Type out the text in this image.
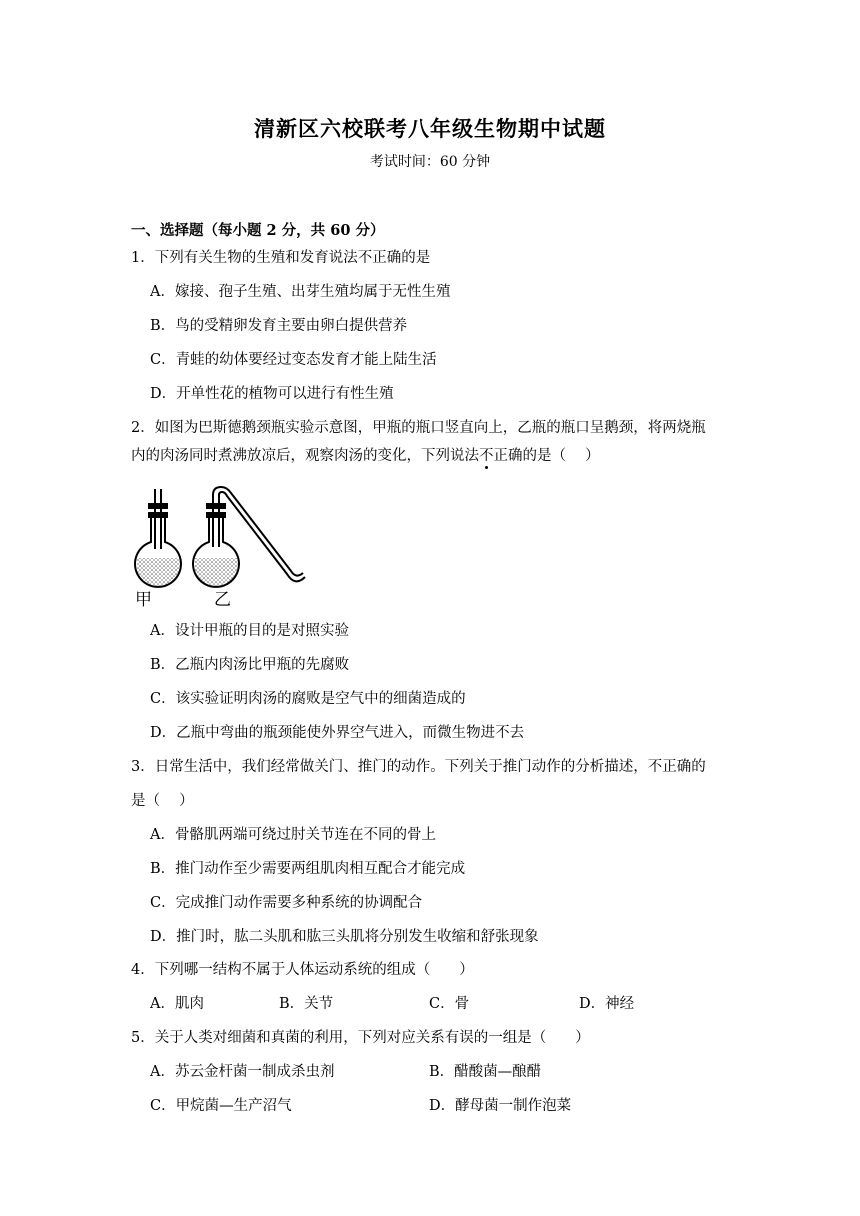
清新区六校联考八年级生物期中试题
考试时间：60 分钟
一、选择题（每小题 2 分，共 60 分）
1．下列有关生物的生殖和发育说法不正确的是
A．嫁接、孢子生殖、出芽生殖均属于无性生殖
B．鸟的受精卵发育主要由卵白提供营养
C．青蛙的幼体要经过变态发育才能上陆生活
D．开单性花的植物可以进行有性生殖
2．如图为巴斯德鹅颈瓶实验示意图，甲瓶的瓶口竖直向上，乙瓶的瓶口呈鹅颈，将两烧瓶
内的肉汤同时煮沸放凉后，观察肉汤的变化，下列说法不正确的是（　 ）
甲	乙
A．设计甲瓶的目的是对照实验
B．乙瓶内肉汤比甲瓶的先腐败
C．该实验证明肉汤的腐败是空气中的细菌造成的
D．乙瓶中弯曲的瓶颈能使外界空气进入，而微生物进不去
3．日常生活中，我们经常做关门、推门的动作。下列关于推门动作的分析描述，不正确的
是（　 ）
A．骨骼肌两端可绕过肘关节连在不同的骨上
B．推门动作至少需要两组肌肉相互配合才能完成
C．完成推门动作需要多种系统的协调配合
D．推门时，肱二头肌和肱三头肌将分别发生收缩和舒张现象
4．下列哪一结构不属于人体运动系统的组成（　　）
A．肌肉	B．关节	C．骨	D．神经
5．关于人类对细菌和真菌的利用，下列对应关系有误的一组是（　　）
A．苏云金杆菌一制成杀虫剂	B．醋酸菌—酿醋
C．甲烷菌—生产沼气	D．酵母菌一制作泡菜
